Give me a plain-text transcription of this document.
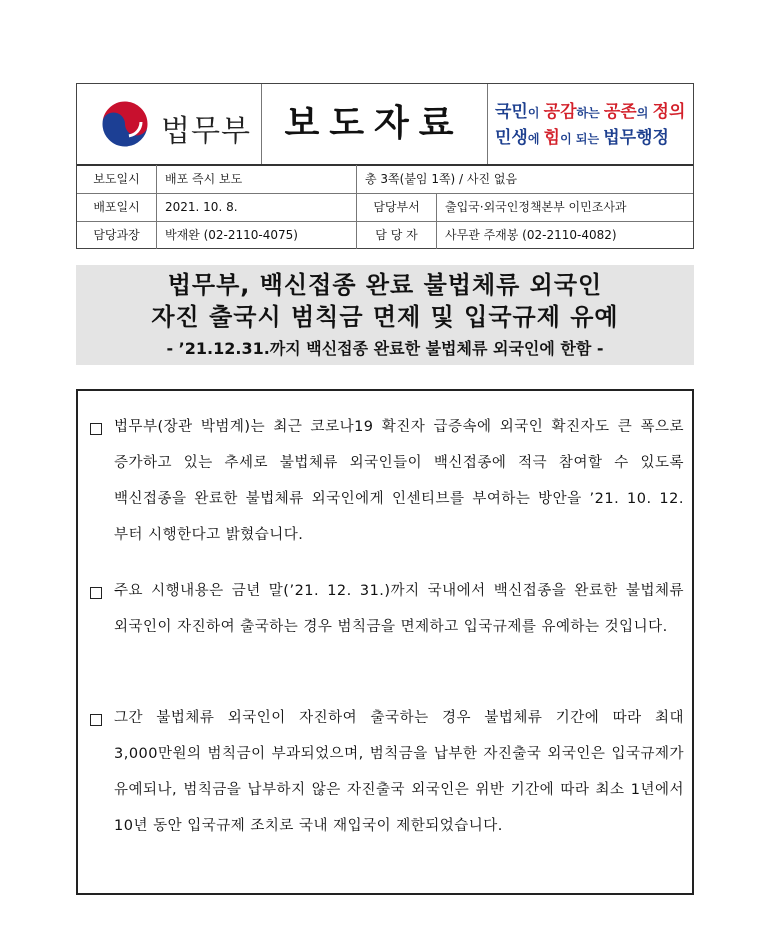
법무부 보도자료	국민이 공감하는 공존의 정의
민생에 힘이 되는 법무행정
보도일시	배포 즉시 보도	총 3쪽(붙임 1쪽) / 사진 없음
배포일시	2021. 10. 8.	담당부서	출입국·외국인정책본부 이민조사과
담당과장	박재완 (02-2110-4075)	담 당 자	사무관 주재봉 (02-2110-4082)
법무부, 백신접종 완료 불법체류 외국인
자진 출국시 범칙금 면제 및 입국규제 유예
- ’21.12.31.까지 백신접종 완료한 불법체류 외국인에 한함 -
법무부(장관 박범계)는 최근 코로나19 확진자 급증속에 외국인 확진자도 큰 폭으로 증가하고 있는 추세로 불법체류 외국인들이 백신접종에 적극 참여할 수 있도록 백신접종을 완료한 불법체류 외국인에게 인센티브를 부여하는 방안을 ’21. 10. 12.부터 시행한다고 밝혔습니다.
주요 시행내용은 금년 말(’21. 12. 31.)까지 국내에서 백신접종을 완료한 불법체류 외국인이 자진하여 출국하는 경우 범칙금을 면제하고 입국규제를 유예하는 것입니다.
그간 불법체류 외국인이 자진하여 출국하는 경우 불법체류 기간에 따라 최대 3,000만원의 범칙금이 부과되었으며, 범칙금을 납부한 자진출국 외국인은 입국규제가 유예되나, 범칙금을 납부하지 않은 자진출국 외국인은 위반 기간에 따라 최소 1년에서 10년 동안 입국규제 조치로 국내 재입국이 제한되었습니다.
